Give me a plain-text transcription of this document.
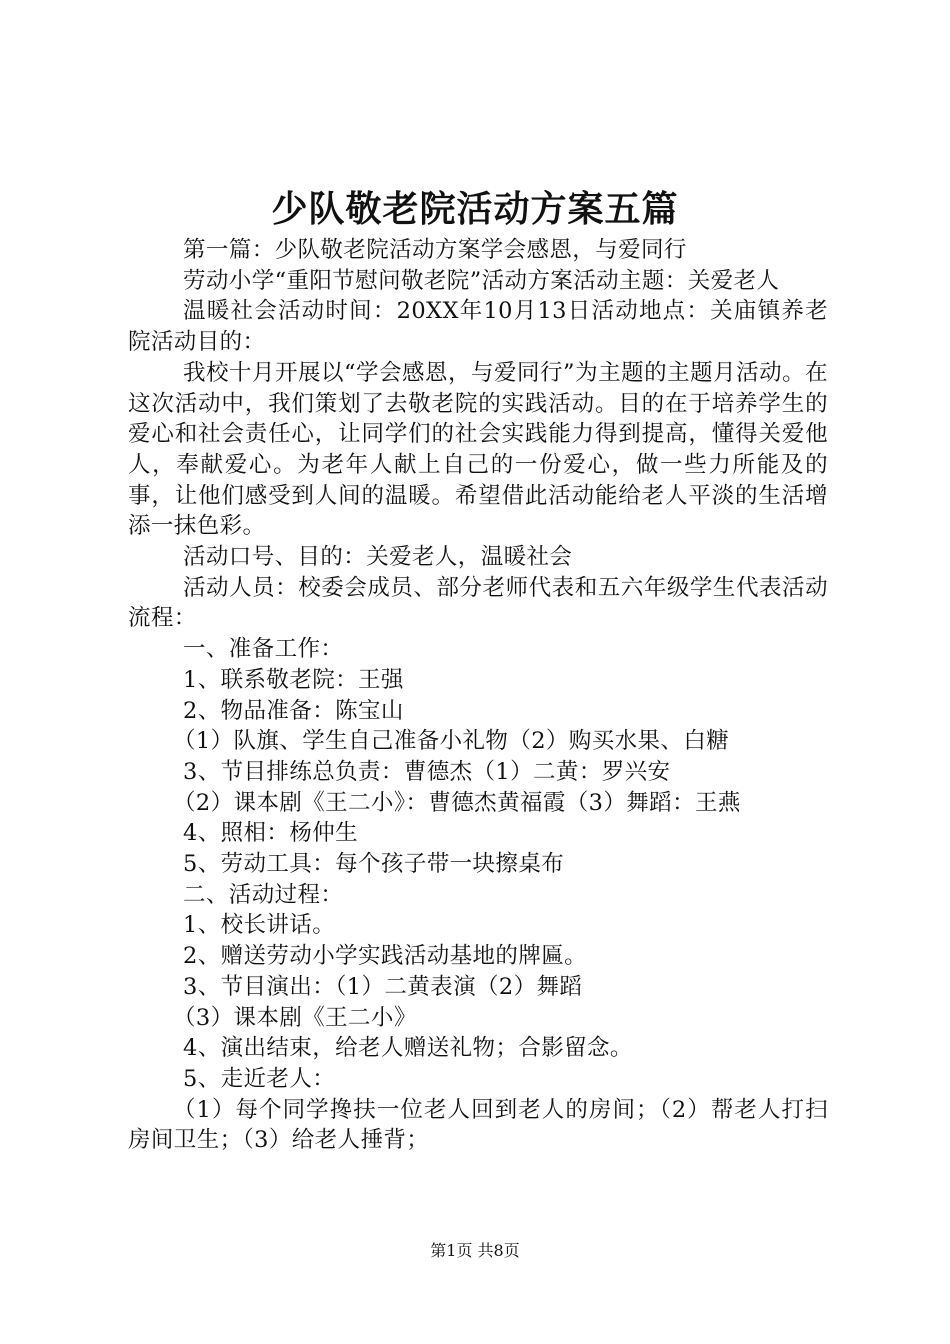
少队敬老院活动方案五篇

第一篇：少队敬老院活动方案学会感恩，与爱同行

劳动小学“重阳节慰问敬老院”活动方案活动主题：关爱老人

温暖社会活动时间：20XX年10月13日活动地点：关庙镇养老院活动目的：

我校十月开展以“学会感恩，与爱同行”为主题的主题月活动。在这次活动中，我们策划了去敬老院的实践活动。目的在于培养学生的爱心和社会责任心，让同学们的社会实践能力得到提高，懂得关爱他人，奉献爱心。为老年人献上自己的一份爱心，做一些力所能及的事，让他们感受到人间的温暖。希望借此活动能给老人平淡的生活增添一抹色彩。

活动口号、目的：关爱老人，温暖社会

活动人员：校委会成员、部分老师代表和五六年级学生代表活动流程：

一、准备工作：

1、联系敬老院：王强

2、物品准备：陈宝山

（1）队旗、学生自己准备小礼物（2）购买水果、白糖

3、节目排练总负责：曹德杰（1）二黄：罗兴安

（2）课本剧《王二小》：曹德杰黄福霞（3）舞蹈：王燕

4、照相：杨仲生

5、劳动工具：每个孩子带一块擦桌布

二、活动过程：

1、校长讲话。

2、赠送劳动小学实践活动基地的牌匾。

3、节目演出：（1）二黄表演（2）舞蹈

（3）课本剧《王二小》

4、演出结束，给老人赠送礼物；合影留念。

5、走近老人：

（1）每个同学搀扶一位老人回到老人的房间；（2）帮老人打扫房间卫生；（3）给老人捶背；

第1页 共8页
